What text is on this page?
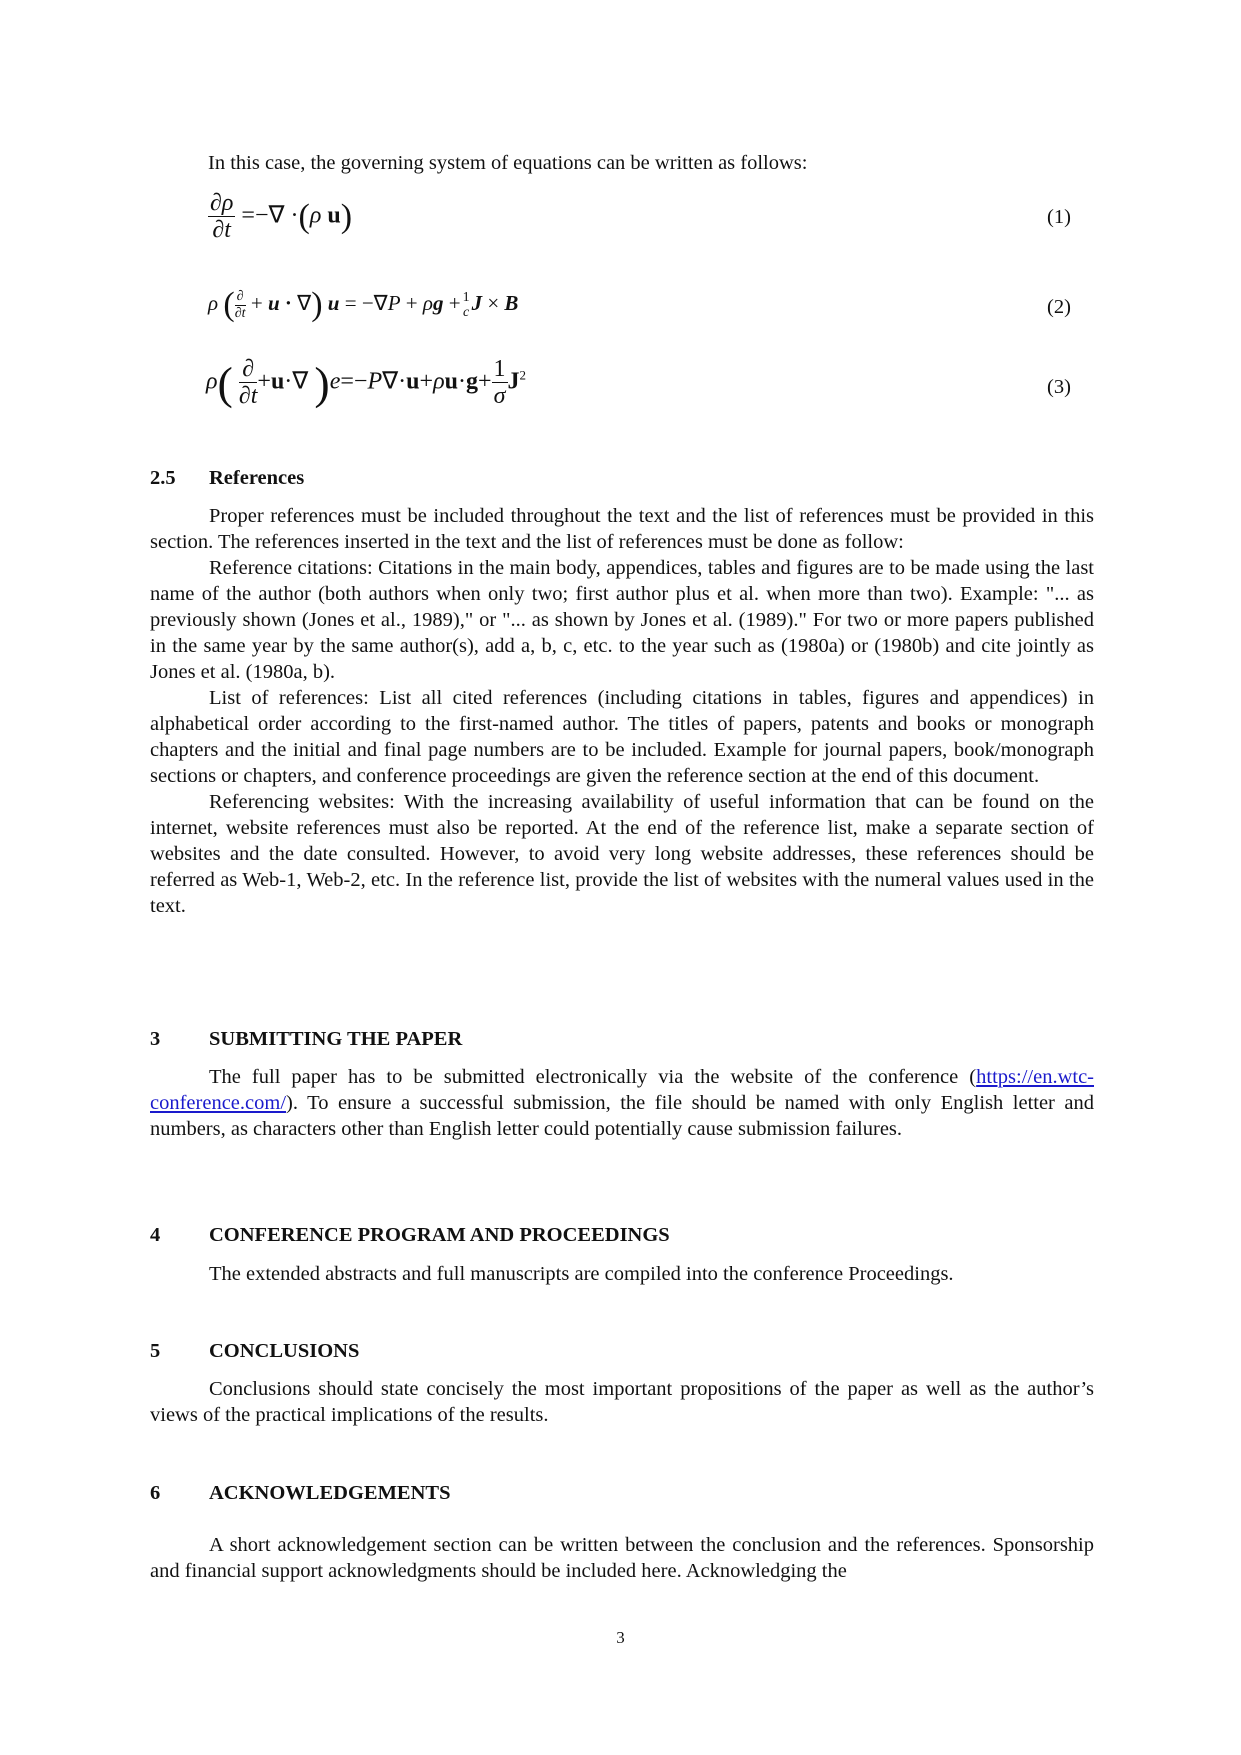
In this case, the governing system of equations can be written as follows:
$\frac{\partial\rho}{\partial t}$ =−∇ ·(ρ u)	(1)
ρ ( $\frac{\partial}{\partial t} + u$ · ∇) u = −∇P + ρg + 1
c J × B	(2)
$\rho( \frac{\partial}{\partial t} +u\cdot\nabla$ )$e=-P\nabla\cdot u+\rho u\cdot g+ \frac{1}{\sigma} J^2$
(3)
2.5 References

Proper references must be included throughout the text and the list of references must be provided in this section. The references inserted in the text and the list of references must be done as follow:

Reference citations: Citations in the main body, appendices, tables and figures are to be made using the last name of the author (both authors when only two; first author plus et al. when more than two). Example: "... as previously shown (Jones et al., 1989)," or "... as shown by Jones et al. (1989)." For two or more papers published in the same year by the same author(s), add a, b, c, etc. to the year such as (1980a) or (1980b) and cite jointly as Jones et al. (1980a, b).

List of references: List all cited references (including citations in tables, figures and appendices) in alphabetical order according to the first-named author. The titles of papers, patents and books or monograph chapters and the initial and final page numbers are to be included. Example for journal papers, book/monograph sections or chapters, and conference proceedings are given the reference section at the end of this document.

Referencing websites: With the increasing availability of useful information that can be found on the internet, website references must also be reported. At the end of the reference list, make a separate section of websites and the date consulted. However, to avoid very long website addresses, these references should be referred as Web-1, Web-2, etc. In the reference list, provide the list of websites with the numeral values used in the text.

3 SUBMITTING THE PAPER

The full paper has to be submitted electronically via the website of the conference (https://en.wtc-conference.com/). To ensure a successful submission, the file should be named with only English letter and numbers, as characters other than English letter could potentially cause submission failures.

4 CONFERENCE PROGRAM AND PROCEEDINGS

The extended abstracts and full manuscripts are compiled into the conference Proceedings.

5 CONCLUSIONS

Conclusions should state concisely the most important propositions of the paper as well as the author’s views of the practical implications of the results.

6 ACKNOWLEDGEMENTS

A short acknowledgement section can be written between the conclusion and the references. Sponsorship and financial support acknowledgments should be included here. Acknowledging the

3
